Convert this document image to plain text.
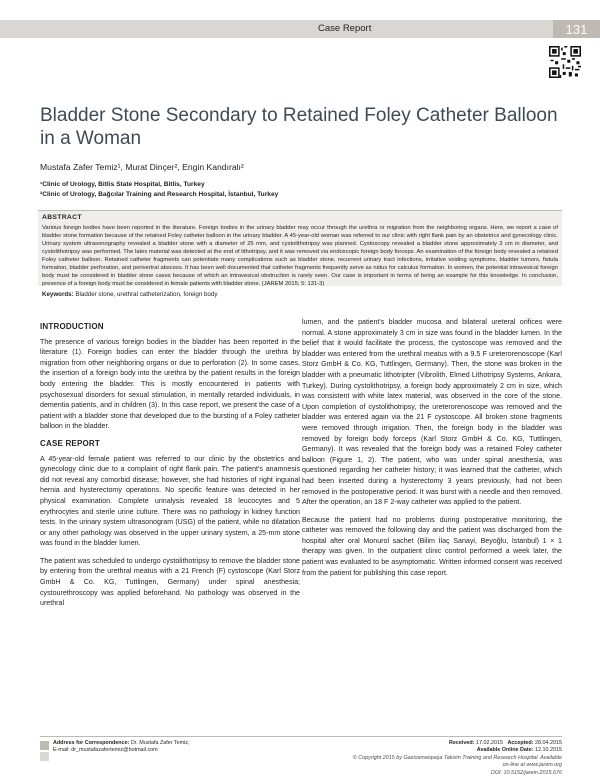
Case Report	131
Bladder Stone Secondary to Retained Foley Catheter Balloon in a Woman
Mustafa Zafer Temiz¹, Murat Dinçer², Engin Kandıralı²
¹Clinic of Urology, Bitlis State Hospital, Bitlis, Turkey
²Clinic of Urology, Bağcılar Training and Research Hospital, İstanbul, Turkey
ABSTRACT
Various foreign bodies have been reported in the literature. Foreign bodies in the urinary bladder may occur through the urethra or migration from the neighboring organs. Here, we report a case of bladder stone formation because of the retained Foley catheter balloon in the urinary bladder. A 45-year-old woman was referred to our clinic with right flank pain by an obstetrics and gynecology clinic. Urinary system ultrasonography revealed a bladder stone with a diameter of 25 mm, and cystolithotripsy was planned. Cystoscopy revealed a bladder stone approximately 3 cm in diameter, and cystolithotripsy was performed. The latex material was detected at the end of lithotripsy, and it was removed via endoscopic foreign body forceps. An examination of the foreign body revealed a retained Foley catheter balloon. Retained catheter fragments can potentiate many complications such as bladder stone, recurrent urinary tract infections, irritative voiding symptoms, bladder tumors, fistula formation, bladder perforation, and perivertral abscess. It has been well documented that catheter fragments frequently serve as nidus for calculus formation. In women, the potential intravesical foreign body must be considered in bladder stone cases because of which an intravesical obstruction is rarely seen. Our case is important in terms of being an example for this knowledge. In conclusion, presence of a foreign body must be considered in female patients with bladder stone. (JAREM 2015; 5: 131-3)
Keywords: Bladder stone, urethral catheterization, foreign body
INTRODUCTION

The presence of various foreign bodies in the bladder has been reported in the literature (1). Foreign bodies can enter the bladder through the urethra by migration from other neighboring organs or due to perforation (2). In some cases, the insertion of a foreign body into the urethra by the patient results in the foreign body entering the bladder. This is mostly encountered in patients with psychosexual disorders for sexual stimulation, in mentally retarded individuals, in dementia patients, and in children (3). In this case report, we present the case of a patient with a bladder stone that developed due to the bursting of a Foley catheter balloon in the bladder.

CASE REPORT

A 45-year-old female patient was referred to our clinic by the obstetrics and gynecology clinic due to a complaint of right flank pain. The patient's anamnesis did not reveal any comorbid disease; however, she had histories of right inguinal hernia and hysterectomy operations. No specific feature was detected in her physical examination. Complete urinalysis revealed 18 leucocytes and 5 erythrocytes and sterile urine culture. There was no pathology in kidney function tests. In the urinary system ultrasonogram (USG) of the patient, while no dilatation or any other pathology was observed in the upper urinary system, a 25-mm stone was found in the bladder lumen.

The patient was scheduled to undergo cystolithotripsy to remove the bladder stone by entering from the urethral meatus with a 21 French (F) cystoscope (Karl Storz GmbH & Co. KG, Tuttlingen, Germany) under spinal anesthesia; cystourethroscopy was applied beforehand. No pathology was observed in the urethral

lumen, and the patient's bladder mucosa and bilateral ureteral orifices were normal. A stone approximately 3 cm in size was found in the bladder lumen. In the belief that it would facilitate the process, the cystoscope was removed and the bladder was entered from the urethral meatus with a 9.5 F ureterorenoscope (Karl Storz GmbH & Co. KG, Tuttlingen, Germany). Then, the stone was broken in the bladder with a pneumatic lithotripter (Vibrolith, Elmed Lithotripsy Systems, Ankara, Turkey). During cystolithotripsy, a foreign body approximately 2 cm in size, which was consistent with white latex material, was observed in the core of the stone. Upon completion of cystolithotripsy, the ureterorenoscope was removed and the bladder was entered again via the 21 F cystoscope. All broken stone fragments were removed through irrigation. Then, the foreign body in the bladder was removed by foreign body forceps (Karl Storz GmbH & Co. KG, Tuttlingen, Germany). It was revealed that the foreign body was a retained Foley catheter balloon (Figure 1, 2). The patient, who was under spinal anesthesia, was questioned regarding her catheter history; it was learned that the catheter, which had been inserted during a hysterectomy 3 years previously, had not been removed in the postoperative period. It was burst with a needle and then removed. After the operation, an 18 F 2-way catheter was applied to the patient.

Because the patient had no problems during postoperative monitoring, the catheter was removed the following day and the patient was discharged from the hospital after oral Monurol sachet (Bilim İlaç Sanayi, Beyoğlu, İstanbul) 1 × 1 therapy was given. In the outpatient clinic control performed a week later, the patient was evaluated to be asymptomatic. Written informed consent was received from the patient for publishing this case report.

Address for Correspondence: Dr. Mustafa Zafer Temiz,
E-mail: dr_mustafazafertemiz@hotmail.com
Received: 17.02.2015 Accepted: 28.04.2015
Available Online Date: 12.10.2015
© Copyright 2015 by Gaziosmanpaşa Taksim Training and Research Hospital. Available on-line at www.jarem.org
DOI: 10.5152/jarem.2015.676
